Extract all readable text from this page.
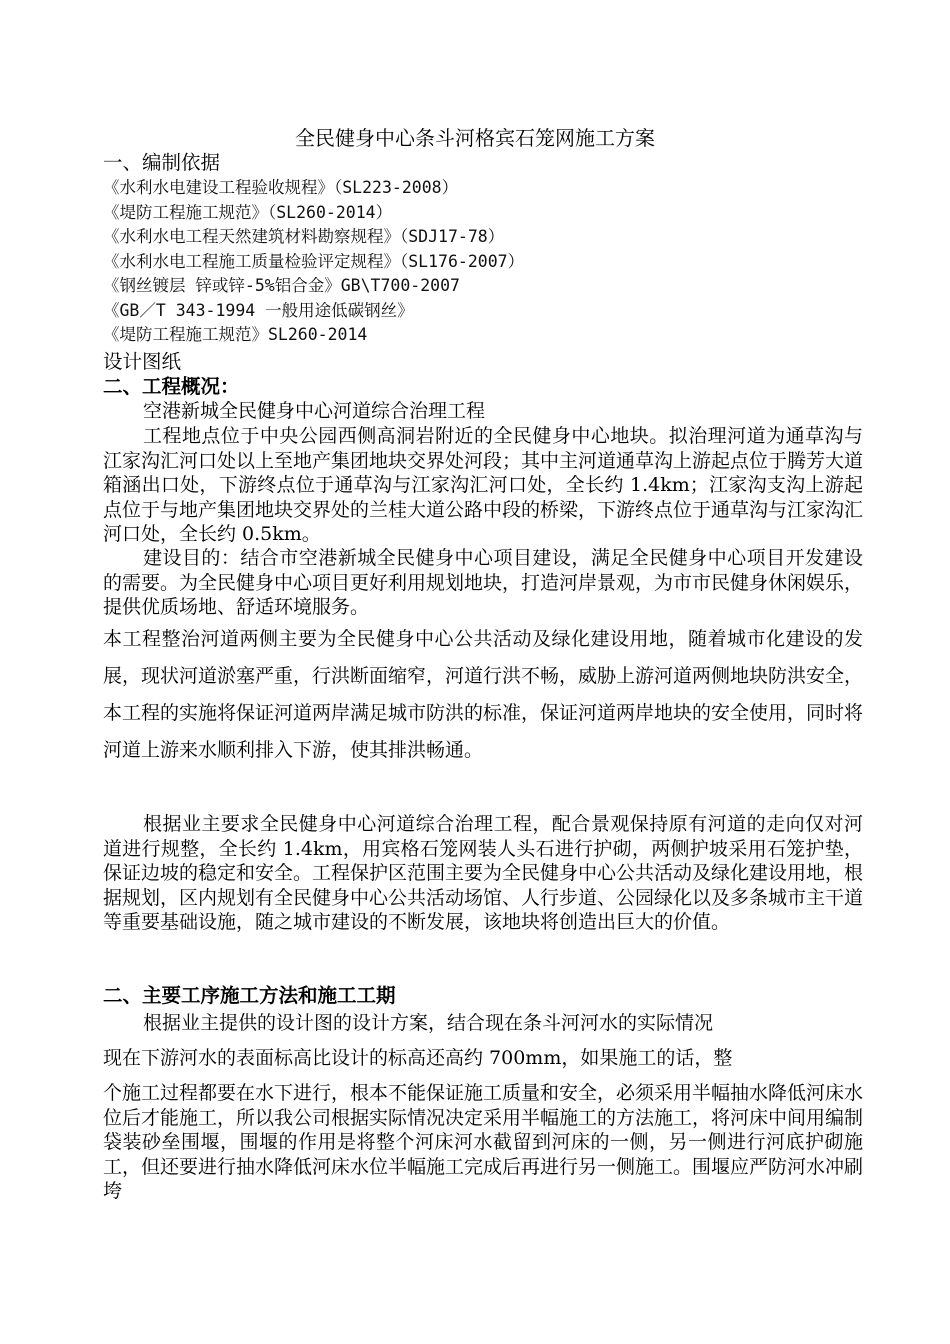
全民健身中心条斗河格宾石笼网施工方案
一、编制依据
《水利水电建设工程验收规程》（SL223-2008）
《堤防工程施工规范》（SL260-2014）
《水利水电工程天然建筑材料勘察规程》（SDJ17-78）
《水利水电工程施工质量检验评定规程》（SL176-2007）
《钢丝镀层 锌或锌-5%铝合金》GB\T700-2007
《GB／T 343-1994 一般用途低碳钢丝》
《堤防工程施工规范》SL260-2014
设计图纸
二、工程概况：
空港新城全民健身中心河道综合治理工程
工程地点位于中央公园西侧高洞岩附近的全民健身中心地块。拟治理河道为通草沟与江家沟汇河口处以上至地产集团地块交界处河段；其中主河道通草沟上游起点位于腾芳大道箱涵出口处，下游终点位于通草沟与江家沟汇河口处，全长约 1.4km；江家沟支沟上游起点位于与地产集团地块交界处的兰桂大道公路中段的桥梁，下游终点位于通草沟与江家沟汇河口处，全长约 0.5km。
建设目的：结合市空港新城全民健身中心项目建设，满足全民健身中心项目开发建设的需要。为全民健身中心项目更好利用规划地块，打造河岸景观，为市市民健身休闲娱乐，提供优质场地、舒适环境服务。
本工程整治河道两侧主要为全民健身中心公共活动及绿化建设用地，随着城市化建设的发展，现状河道淤塞严重，行洪断面缩窄，河道行洪不畅，威胁上游河道两侧地块防洪安全，本工程的实施将保证河道两岸满足城市防洪的标准，保证河道两岸地块的安全使用，同时将河道上游来水顺利排入下游，使其排洪畅通。
根据业主要求全民健身中心河道综合治理工程，配合景观保持原有河道的走向仅对河道进行规整，全长约 1.4km，用宾格石笼网装人头石进行护砌，两侧护坡采用石笼护垫，保证边坡的稳定和安全。工程保护区范围主要为全民健身中心公共活动及绿化建设用地，根据规划，区内规划有全民健身中心公共活动场馆、人行步道、公园绿化以及多条城市主干道等重要基础设施，随之城市建设的不断发展，该地块将创造出巨大的价值。
二、主要工序施工方法和施工工期
根据业主提供的设计图的设计方案，结合现在条斗河河水的实际情况
现在下游河水的表面标高比设计的标高还高约 700mm，如果施工的话，整
个施工过程都要在水下进行，根本不能保证施工质量和安全，必须采用半幅抽水降低河床水位后才能施工，所以我公司根据实际情况决定采用半幅施工的方法施工，将河床中间用编制袋装砂垒围堰，围堰的作用是将整个河床河水截留到河床的一侧，另一侧进行河底护砌施工，但还要进行抽水降低河床水位半幅施工完成后再进行另一侧施工。围堰应严防河水冲刷垮
